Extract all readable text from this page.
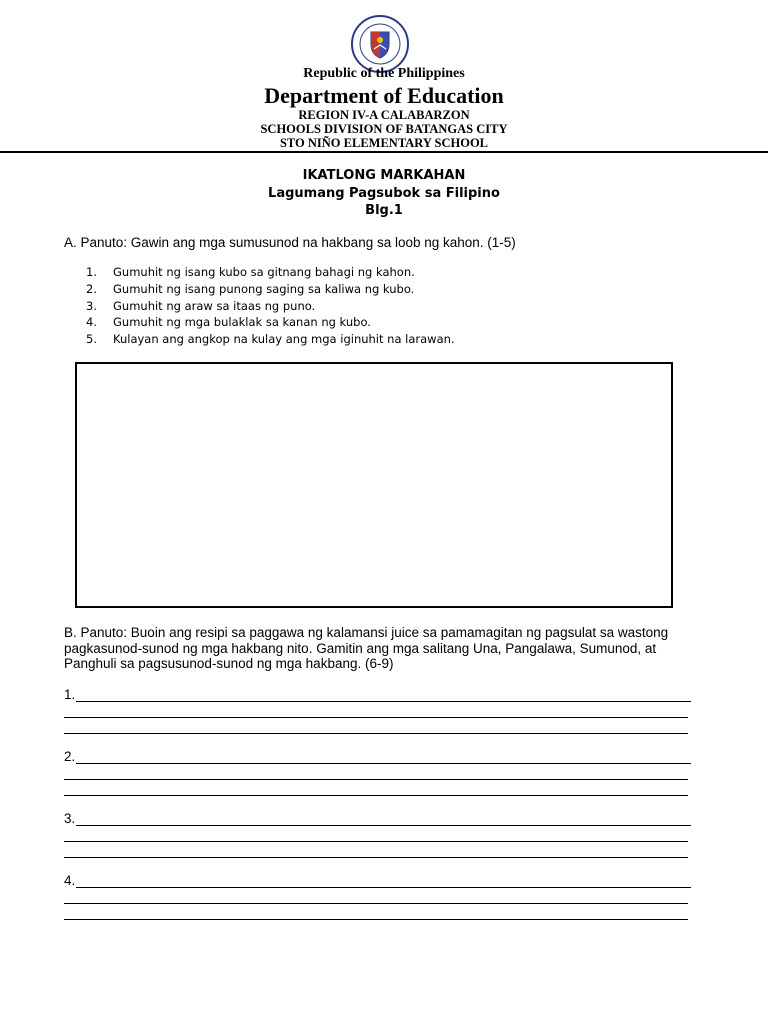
Republic of the Philippines
Department of Education
REGION IV-A CALABARZON
SCHOOLS DIVISION OF BATANGAS CITY
STO NIÑO ELEMENTARY SCHOOL
IKATLONG MARKAHAN
Lagumang Pagsubok sa Filipino
Blg.1
A. Panuto: Gawin ang mga sumusunod na hakbang sa loob ng kahon. (1-5)
1. Gumuhit ng isang kubo sa gitnang bahagi ng kahon.
2. Gumuhit ng isang punong saging sa kaliwa ng kubo.
3. Gumuhit ng araw sa itaas ng puno.
4. Gumuhit ng mga bulaklak sa kanan ng kubo.
5. Kulayan ang angkop na kulay ang mga iginuhit na larawan.
B. Panuto: Buoin ang resipi sa paggawa ng kalamansi juice sa pamamagitan ng pagsulat sa wastong pagkasunod-sunod ng mga hakbang nito. Gamitin ang mga salitang Una, Pangalawa, Sumunod, at Panghuli sa pagsusunod-sunod ng mga hakbang. (6-9)
1.
2.
3.
4.
